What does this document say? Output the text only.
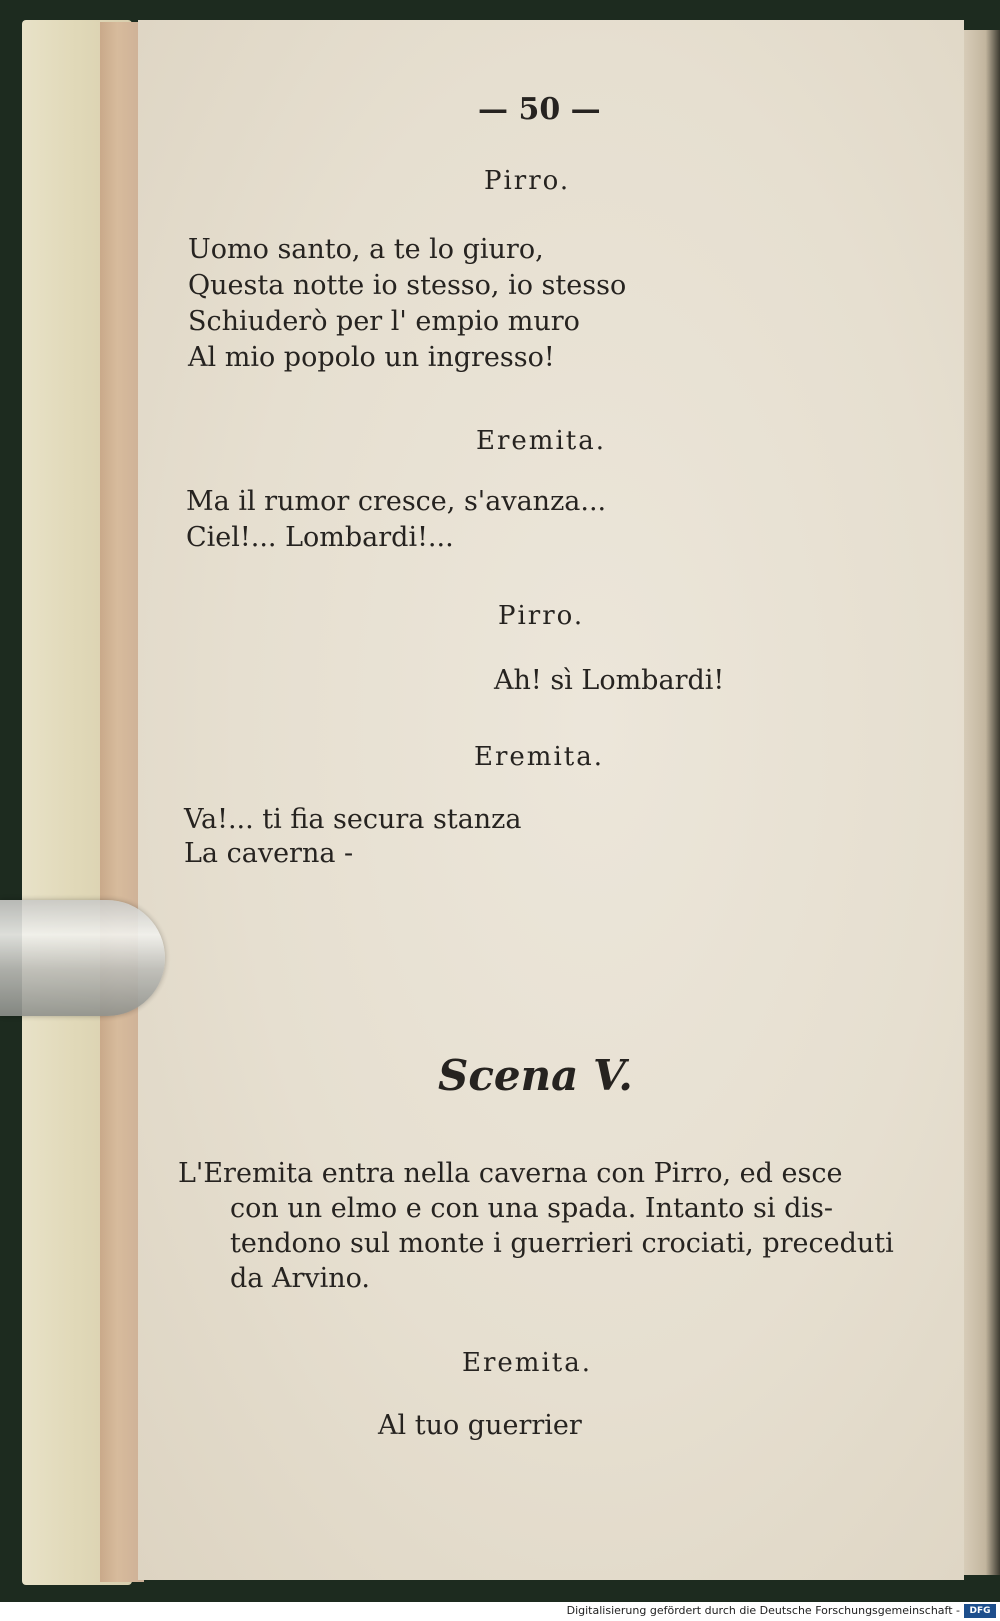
— 50 —
Pirro.
Uomo santo, a te lo giuro,
Questa notte io stesso, io stesso
Schiuderò per l' empio muro
Al mio popolo un ingresso!
Eremita.
Ma il rumor cresce, s'avanza...
Ciel!... Lombardi!...
Pirro.
Ah! sì Lombardi!
Eremita.
Va!... ti fia secura stanza
La caverna -
Scena V.
L'Eremita entra nella caverna con Pirro, ed esce
con un elmo e con una spada. Intanto si dis-
tendono sul monte i guerrieri crociati, preceduti
da Arvino.
Eremita.
Al tuo guerrier
Digitalisierung gefördert durch die Deutsche Forschungsgemeinschaft -	DFG
